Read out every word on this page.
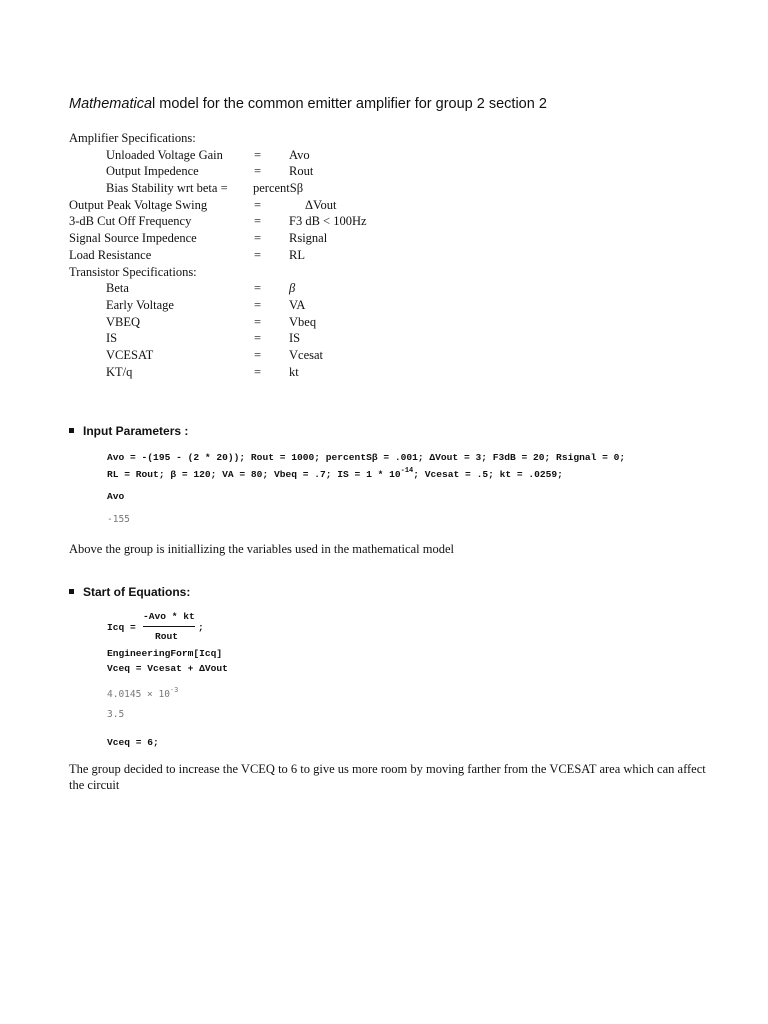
Mathematical model for the common emitter amplifier for group 2 section 2
Amplifier Specifications:
Unloaded Voltage Gain = Avo
Output Impedence	= Rout
Bias Stability wrt beta = percentSβ
Output Peak Voltage Swing	=	ΔVout
3-dB Cut Off Frequency	= F3 dB < 100Hz
Signal Source Impedence	= Rsignal
Load Resistance	= RL
Transistor Specifications:
Beta	= β
Early Voltage	= VA
VBEQ	= Vbeq
IS	= IS
VCESAT	= Vcesat
KT/q	= kt
Input Parameters :
Avo = -(195 - (2 * 20)); Rout = 1000; percentSβ = .001; ΔVout = 3; F3dB = 20; Rsignal = 0;
RL = Rout; β = 120; VA = 80; Vbeq = .7; IS = $1 * 10^{-14}$; Vcesat = .5; kt = .0259;
Avo
-155
Above the group is initiallizing the variables used in the mathematical model
Start of Equations:
Icq =
-Avo * kt
Rout
;
EngineeringForm[Icq]
Vceq = Vcesat + ΔVout
$4.0145 \times 10^{-3}$
3.5
Vceq = 6;
The group decided to increase the VCEQ to 6 to give us more room by moving farther from the VCESAT area which can affect the circuit
